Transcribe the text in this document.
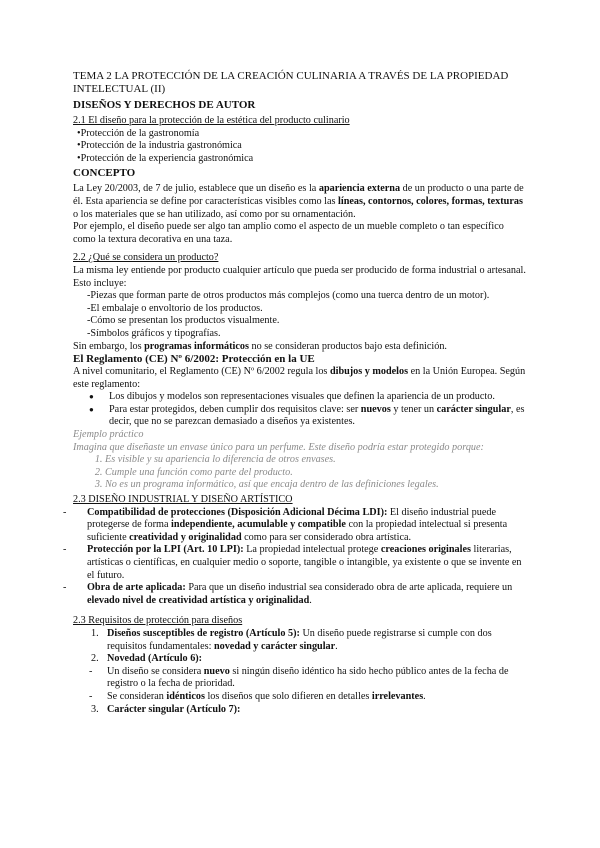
TEMA 2 LA PROTECCIÓN DE LA CREACIÓN CULINARIA A TRAVÉS DE LA PROPIEDAD INTELECTUAL (II)
DISEÑOS Y DERECHOS DE AUTOR
2.1 El diseño para la protección de la estética del producto culinario
• Protección de la gastronomía
• Protección de la industria gastronómica
• Protección de la experiencia gastronómica
CONCEPTO

La Ley 20/2003, de 7 de julio, establece que un diseño es la apariencia externa de un producto o una parte de él. Esta apariencia se define por características visibles como las líneas, contornos, colores, formas, texturas o los materiales que se han utilizado, así como por su ornamentación.

Por ejemplo, el diseño puede ser algo tan amplio como el aspecto de un mueble completo o tan específico como la textura decorativa en una taza.

2.2 ¿Qué se considera un producto?

La misma ley entiende por producto cualquier artículo que pueda ser producido de forma industrial o artesanal. Esto incluye:

-Piezas que forman parte de otros productos más complejos (como una tuerca dentro de un motor).

-El embalaje o envoltorio de los productos.

-Cómo se presentan los productos visualmente.

-Símbolos gráficos y tipografías.

Sin embargo, los programas informáticos no se consideran productos bajo esta definición.

El Reglamento (CE) Nº 6/2002: Protección en la UE

A nivel comunitario, el Reglamento (CE) Nº 6/2002 regula los dibujos y modelos en la Unión Europea. Según este reglamento:

● Los dibujos y modelos son representaciones visuales que definen la apariencia de un producto.
● Para estar protegidos, deben cumplir dos requisitos clave: ser nuevos y tener un carácter singular, es decir, que no se parezcan demasiado a diseños ya existentes.

Ejemplo práctico

Imagina que diseñaste un envase único para un perfume. Este diseño podría estar protegido porque:

1. Es visible y su apariencia lo diferencia de otros envases.
2. Cumple una función como parte del producto.
3. No es un programa informático, así que encaja dentro de las definiciones legales.
2.3 DISEÑO INDUSTRIAL Y DISEÑO ARTÍSTICO
- Compatibilidad de protecciones (Disposición Adicional Décima LDI): El diseño industrial puede protegerse de forma independiente, acumulable y compatible con la propiedad intelectual si presenta suficiente creatividad y originalidad como para ser considerado obra artística.
- Protección por la LPI (Art. 10 LPI): La propiedad intelectual protege creaciones originales literarias, artísticas o científicas, en cualquier medio o soporte, tangible o intangible, ya existente o que se invente en el futuro.
- Obra de arte aplicada: Para que un diseño industrial sea considerado obra de arte aplicada, requiere un elevado nivel de creatividad artística y originalidad.
2.3 Requisitos de protección para diseños
1. Diseños susceptibles de registro (Artículo 5): Un diseño puede registrarse si cumple con dos requisitos fundamentales: novedad y carácter singular.
2. Novedad (Artículo 6):
- Un diseño se considera nuevo si ningún diseño idéntico ha sido hecho público antes de la fecha de registro o la fecha de prioridad.
- Se consideran idénticos los diseños que solo difieren en detalles irrelevantes.
3. Carácter singular (Artículo 7):
